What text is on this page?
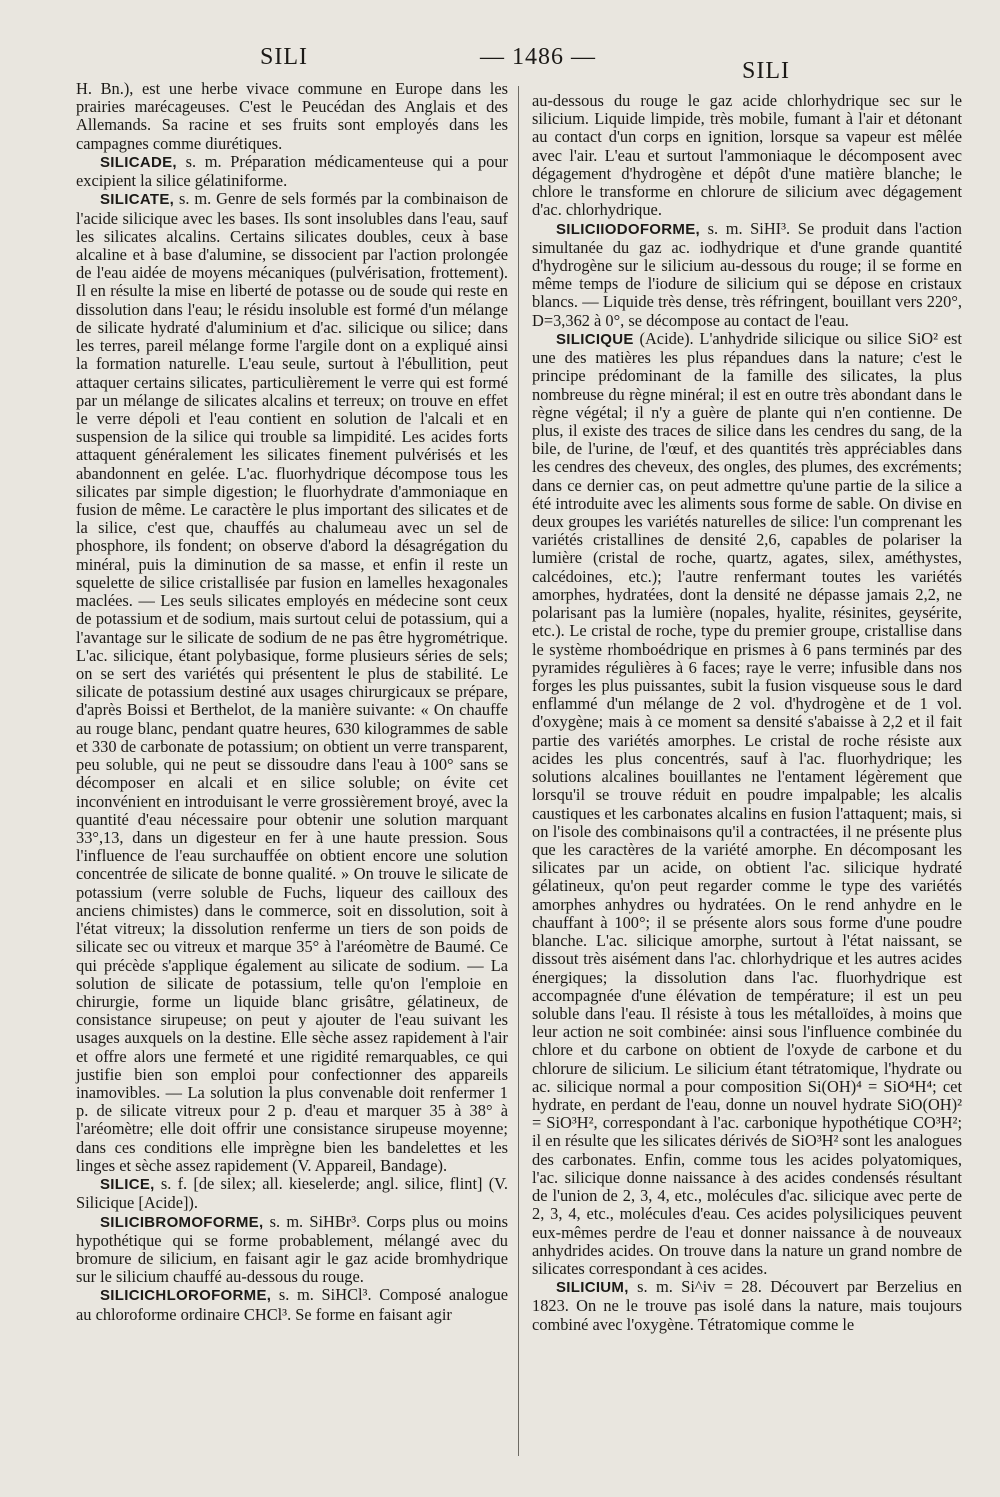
SILI	— 1486 —
SILI

H. Bn.), est une herbe vivace commune en Europe dans les prairies marécageuses. C'est le Peucédan des Anglais et des Allemands. Sa racine et ses fruits sont employés dans les campagnes comme diurétiques.

SILICADE, s. m. Préparation médicamenteuse qui a pour excipient la silice gélatiniforme.

SILICATE, s. m. Genre de sels formés par la combinaison de l'acide silicique avec les bases. Ils sont insolubles dans l'eau, sauf les silicates alcalins. Certains silicates doubles, ceux à base alcaline et à base d'alumine, se dissocient par l'action prolongée de l'eau aidée de moyens mécaniques (pulvérisation, frottement). Il en résulte la mise en liberté de potasse ou de soude qui reste en dissolution dans l'eau; le résidu insoluble est formé d'un mélange de silicate hydraté d'aluminium et d'ac. silicique ou silice; dans les terres, pareil mélange forme l'argile dont on a expliqué ainsi la formation naturelle. L'eau seule, surtout à l'ébullition, peut attaquer certains silicates, particulièrement le verre qui est formé par un mélange de silicates alcalins et terreux; on trouve en effet le verre dépoli et l'eau contient en solution de l'alcali et en suspension de la silice qui trouble sa limpidité. Les acides forts attaquent généralement les silicates finement pulvérisés et les abandonnent en gelée. L'ac. fluorhydrique décompose tous les silicates par simple digestion; le fluorhydrate d'ammoniaque en fusion de même. Le caractère le plus important des silicates et de la silice, c'est que, chauffés au chalumeau avec un sel de phosphore, ils fondent; on observe d'abord la désagrégation du minéral, puis la diminution de sa masse, et enfin il reste un squelette de silice cristallisée par fusion en lamelles hexagonales maclées. — Les seuls silicates employés en médecine sont ceux de potassium et de sodium, mais surtout celui de potassium, qui a l'avantage sur le silicate de sodium de ne pas être hygrométrique. L'ac. silicique, étant polybasique, forme plusieurs séries de sels; on se sert des variétés qui présentent le plus de stabilité. Le silicate de potassium destiné aux usages chirurgicaux se prépare, d'après Boissi et Berthelot, de la manière suivante: « On chauffe au rouge blanc, pendant quatre heures, 630 kilogrammes de sable et 330 de carbonate de potassium; on obtient un verre transparent, peu soluble, qui ne peut se dissoudre dans l'eau à 100° sans se décomposer en alcali et en silice soluble; on évite cet inconvénient en introduisant le verre grossièrement broyé, avec la quantité d'eau nécessaire pour obtenir une solution marquant 33°,13, dans un digesteur en fer à une haute pression. Sous l'influence de l'eau surchauffée on obtient encore une solution concentrée de silicate de bonne qualité. » On trouve le silicate de potassium (verre soluble de Fuchs, liqueur des cailloux des anciens chimistes) dans le commerce, soit en dissolution, soit à l'état vitreux; la dissolution renferme un tiers de son poids de silicate sec ou vitreux et marque 35° à l'aréomètre de Baumé. Ce qui précède s'applique également au silicate de sodium. — La solution de silicate de potassium, telle qu'on l'emploie en chirurgie, forme un liquide blanc grisâtre, gélatineux, de consistance sirupeuse; on peut y ajouter de l'eau suivant les usages auxquels on la destine. Elle sèche assez rapidement à l'air et offre alors une fermeté et une rigidité remarquables, ce qui justifie bien son emploi pour confectionner des appareils inamovibles. — La solution la plus convenable doit renfermer 1 p. de silicate vitreux pour 2 p. d'eau et marquer 35 à 38° à l'aréomètre; elle doit offrir une consistance sirupeuse moyenne; dans ces conditions elle imprègne bien les bandelettes et les linges et sèche assez rapidement (V. Appareil, Bandage).

SILICE, s. f. [de silex; all. kieselerde; angl. silice, flint] (V. Silicique [Acide]).

SILICIBROMOFORME, s. m. SiHBr³. Corps plus ou moins hypothétique qui se forme probablement, mélangé avec du bromure de silicium, en faisant agir le gaz acide bromhydrique sur le silicium chauffé au-dessous du rouge.

SILICICHLOROFORME, s. m. SiHCl³. Composé analogue au chloroforme ordinaire CHCl³. Se forme en faisant agir

au-dessous du rouge le gaz acide chlorhydrique sec sur le silicium. Liquide limpide, très mobile, fumant à l'air et détonant au contact d'un corps en ignition, lorsque sa vapeur est mêlée avec l'air. L'eau et surtout l'ammoniaque le décomposent avec dégagement d'hydrogène et dépôt d'une matière blanche; le chlore le transforme en chlorure de silicium avec dégagement d'ac. chlorhydrique.

SILICIIODOFORME, s. m. SiHI³. Se produit dans l'action simultanée du gaz ac. iodhydrique et d'une grande quantité d'hydrogène sur le silicium au-dessous du rouge; il se forme en même temps de l'iodure de silicium qui se dépose en cristaux blancs. — Liquide très dense, très réfringent, bouillant vers 220°, D=3,362 à 0°, se décompose au contact de l'eau.

SILICIQUE (Acide). L'anhydride silicique ou silice SiO² est une des matières les plus répandues dans la nature; c'est le principe prédominant de la famille des silicates, la plus nombreuse du règne minéral; il est en outre très abondant dans le règne végétal; il n'y a guère de plante qui n'en contienne. De plus, il existe des traces de silice dans les cendres du sang, de la bile, de l'urine, de l'œuf, et des quantités très appréciables dans les cendres des cheveux, des ongles, des plumes, des excréments; dans ce dernier cas, on peut admettre qu'une partie de la silice a été introduite avec les aliments sous forme de sable. On divise en deux groupes les variétés naturelles de silice: l'un comprenant les variétés cristallines de densité 2,6, capables de polariser la lumière (cristal de roche, quartz, agates, silex, améthystes, calcédoines, etc.); l'autre renfermant toutes les variétés amorphes, hydratées, dont la densité ne dépasse jamais 2,2, ne polarisant pas la lumière (nopales, hyalite, résinites, geysérite, etc.). Le cristal de roche, type du premier groupe, cristallise dans le système rhomboédrique en prismes à 6 pans terminés par des pyramides régulières à 6 faces; raye le verre; infusible dans nos forges les plus puissantes, subit la fusion visqueuse sous le dard enflammé d'un mélange de 2 vol. d'hydrogène et de 1 vol. d'oxygène; mais à ce moment sa densité s'abaisse à 2,2 et il fait partie des variétés amorphes. Le cristal de roche résiste aux acides les plus concentrés, sauf à l'ac. fluorhydrique; les solutions alcalines bouillantes ne l'entament légèrement que lorsqu'il se trouve réduit en poudre impalpable; les alcalis caustiques et les carbonates alcalins en fusion l'attaquent; mais, si on l'isole des combinaisons qu'il a contractées, il ne présente plus que les caractères de la variété amorphe. En décomposant les silicates par un acide, on obtient l'ac. silicique hydraté gélatineux, qu'on peut regarder comme le type des variétés amorphes anhydres ou hydratées. On le rend anhydre en le chauffant à 100°; il se présente alors sous forme d'une poudre blanche. L'ac. silicique amorphe, surtout à l'état naissant, se dissout très aisément dans l'ac. chlorhydrique et les autres acides énergiques; la dissolution dans l'ac. fluorhydrique est accompagnée d'une élévation de température; il est un peu soluble dans l'eau. Il résiste à tous les métalloïdes, à moins que leur action ne soit combinée: ainsi sous l'influence combinée du chlore et du carbone on obtient de l'oxyde de carbone et du chlorure de silicium. Le silicium étant tétratomique, l'hydrate ou ac. silicique normal a pour composition Si(OH)⁴ = SiO⁴H⁴; cet hydrate, en perdant de l'eau, donne un nouvel hydrate SiO(OH)² = SiO³H², correspondant à l'ac. carbonique hypothétique CO³H²; il en résulte que les silicates dérivés de SiO³H² sont les analogues des carbonates. Enfin, comme tous les acides polyatomiques, l'ac. silicique donne naissance à des acides condensés résultant de l'union de 2, 3, 4, etc., molécules d'ac. silicique avec perte de 2, 3, 4, etc., molécules d'eau. Ces acides polysiliciques peuvent eux-mêmes perdre de l'eau et donner naissance à de nouveaux anhydrides acides. On trouve dans la nature un grand nombre de silicates correspondant à ces acides.

SILICIUM, s. m. Si^iv = 28. Découvert par Berzelius en 1823. On ne le trouve pas isolé dans la nature, mais toujours combiné avec l'oxygène. Tétratomique comme le
